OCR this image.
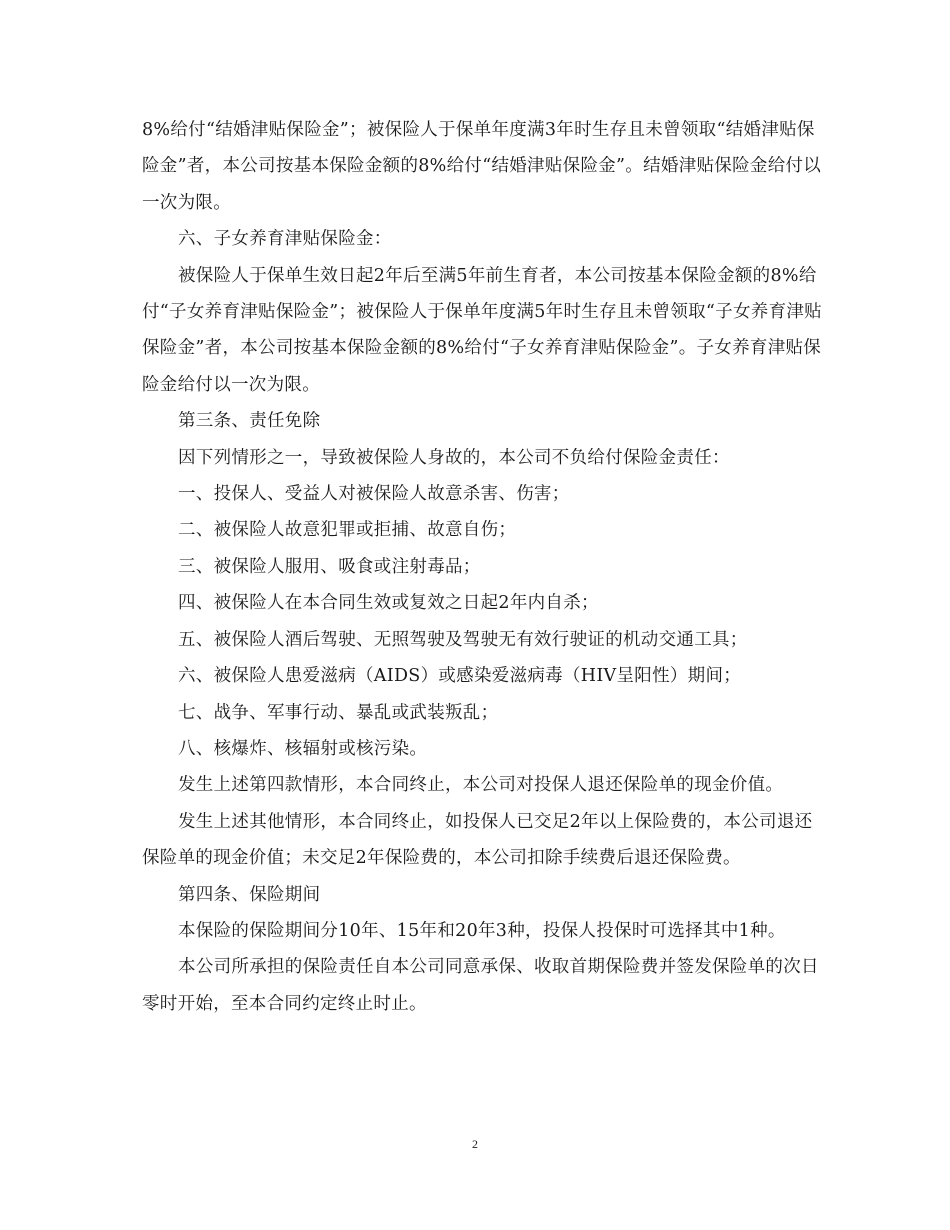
8%给付“结婚津贴保险金”；被保险人于保单年度满3年时生存且未曾领取“结婚津贴保险金”者，本公司按基本保险金额的8%给付“结婚津贴保险金”。结婚津贴保险金给付以一次为限。

六、子女养育津贴保险金：

被保险人于保单生效日起2年后至满5年前生育者，本公司按基本保险金额的8%给付“子女养育津贴保险金”；被保险人于保单年度满5年时生存且未曾领取“子女养育津贴保险金”者，本公司按基本保险金额的8%给付“子女养育津贴保险金”。子女养育津贴保险金给付以一次为限。

第三条、责任免除

因下列情形之一，导致被保险人身故的，本公司不负给付保险金责任：

一、投保人、受益人对被保险人故意杀害、伤害；

二、被保险人故意犯罪或拒捕、故意自伤；

三、被保险人服用、吸食或注射毒品；

四、被保险人在本合同生效或复效之日起2年内自杀；

五、被保险人酒后驾驶、无照驾驶及驾驶无有效行驶证的机动交通工具；

六、被保险人患爱滋病（AIDS）或感染爱滋病毒（HIV呈阳性）期间；

七、战争、军事行动、暴乱或武装叛乱；

八、核爆炸、核辐射或核污染。

发生上述第四款情形，本合同终止，本公司对投保人退还保险单的现金价值。

发生上述其他情形，本合同终止，如投保人已交足2年以上保险费的，本公司退还保险单的现金价值；未交足2年保险费的，本公司扣除手续费后退还保险费。

第四条、保险期间

本保险的保险期间分10年、15年和20年3种，投保人投保时可选择其中1种。

本公司所承担的保险责任自本公司同意承保、收取首期保险费并签发保险单的次日零时开始，至本合同约定终止时止。

2
